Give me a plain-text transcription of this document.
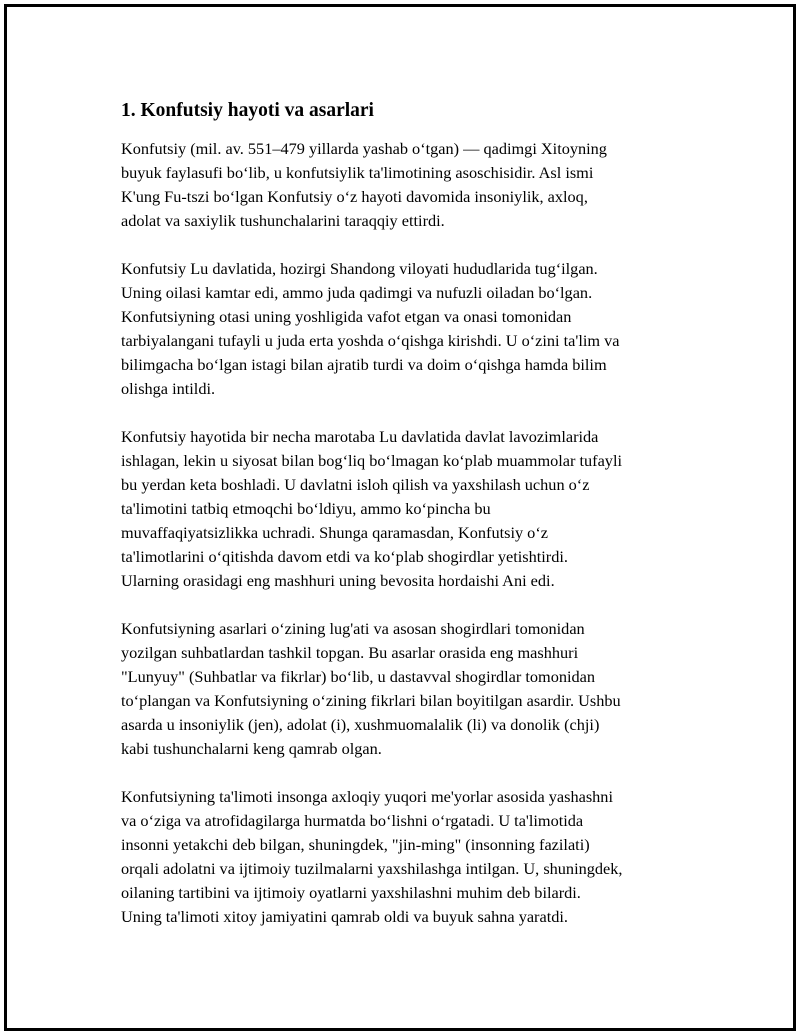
1. Konfutsiy hayoti va asarlari
Konfutsiy (mil. av. 551–479 yillarda yashab oʻtgan) — qadimgi Xitoyning
buyuk faylasufi boʻlib, u konfutsiylik ta'limotining asoschisidir. Asl ismi
K'ung Fu-tszi boʻlgan Konfutsiy oʻz hayoti davomida insoniylik, axloq,
adolat va saxiylik tushunchalarini taraqqiy ettirdi.
Konfutsiy Lu davlatida, hozirgi Shandong viloyati hududlarida tugʻilgan.
Uning oilasi kamtar edi, ammo juda qadimgi va nufuzli oiladan boʻlgan.
Konfutsiyning otasi uning yoshligida vafot etgan va onasi tomonidan
tarbiyalangani tufayli u juda erta yoshda oʻqishga kirishdi. U oʻzini ta'lim va
bilimgacha boʻlgan istagi bilan ajratib turdi va doim oʻqishga hamda bilim
olishga intildi.
Konfutsiy hayotida bir necha marotaba Lu davlatida davlat lavozimlarida
ishlagan, lekin u siyosat bilan bogʻliq boʻlmagan koʻplab muammolar tufayli
bu yerdan keta boshladi. U davlatni isloh qilish va yaxshilash uchun oʻz
ta'limotini tatbiq etmoqchi boʻldiyu, ammo koʻpincha bu
muvaffaqiyatsizlikka uchradi. Shunga qaramasdan, Konfutsiy oʻz
ta'limotlarini oʻqitishda davom etdi va koʻplab shogirdlar yetishtirdi.
Ularning orasidagi eng mashhuri uning bevosita hordaishi Ani edi.
Konfutsiyning asarlari oʻzining lug'ati va asosan shogirdlari tomonidan
yozilgan suhbatlardan tashkil topgan. Bu asarlar orasida eng mashhuri
"Lunyuy" (Suhbatlar va fikrlar) boʻlib, u dastavval shogirdlar tomonidan
toʻplangan va Konfutsiyning oʻzining fikrlari bilan boyitilgan asardir. Ushbu
asarda u insoniylik (jen), adolat (i), xushmuomalalik (li) va donolik (chji)
kabi tushunchalarni keng qamrab olgan.
Konfutsiyning ta'limoti insonga axloqiy yuqori me'yorlar asosida yashashni
va oʻziga va atrofidagilarga hurmatda boʻlishni oʻrgatadi. U ta'limotida
insonni yetakchi deb bilgan, shuningdek, "jin-ming" (insonning fazilati)
orqali adolatni va ijtimoiy tuzilmalarni yaxshilashga intilgan. U, shuningdek,
oilaning tartibini va ijtimoiy oyatlarni yaxshilashni muhim deb bilardi.
Uning ta'limoti xitoy jamiyatini qamrab oldi va buyuk sahna yaratdi.
